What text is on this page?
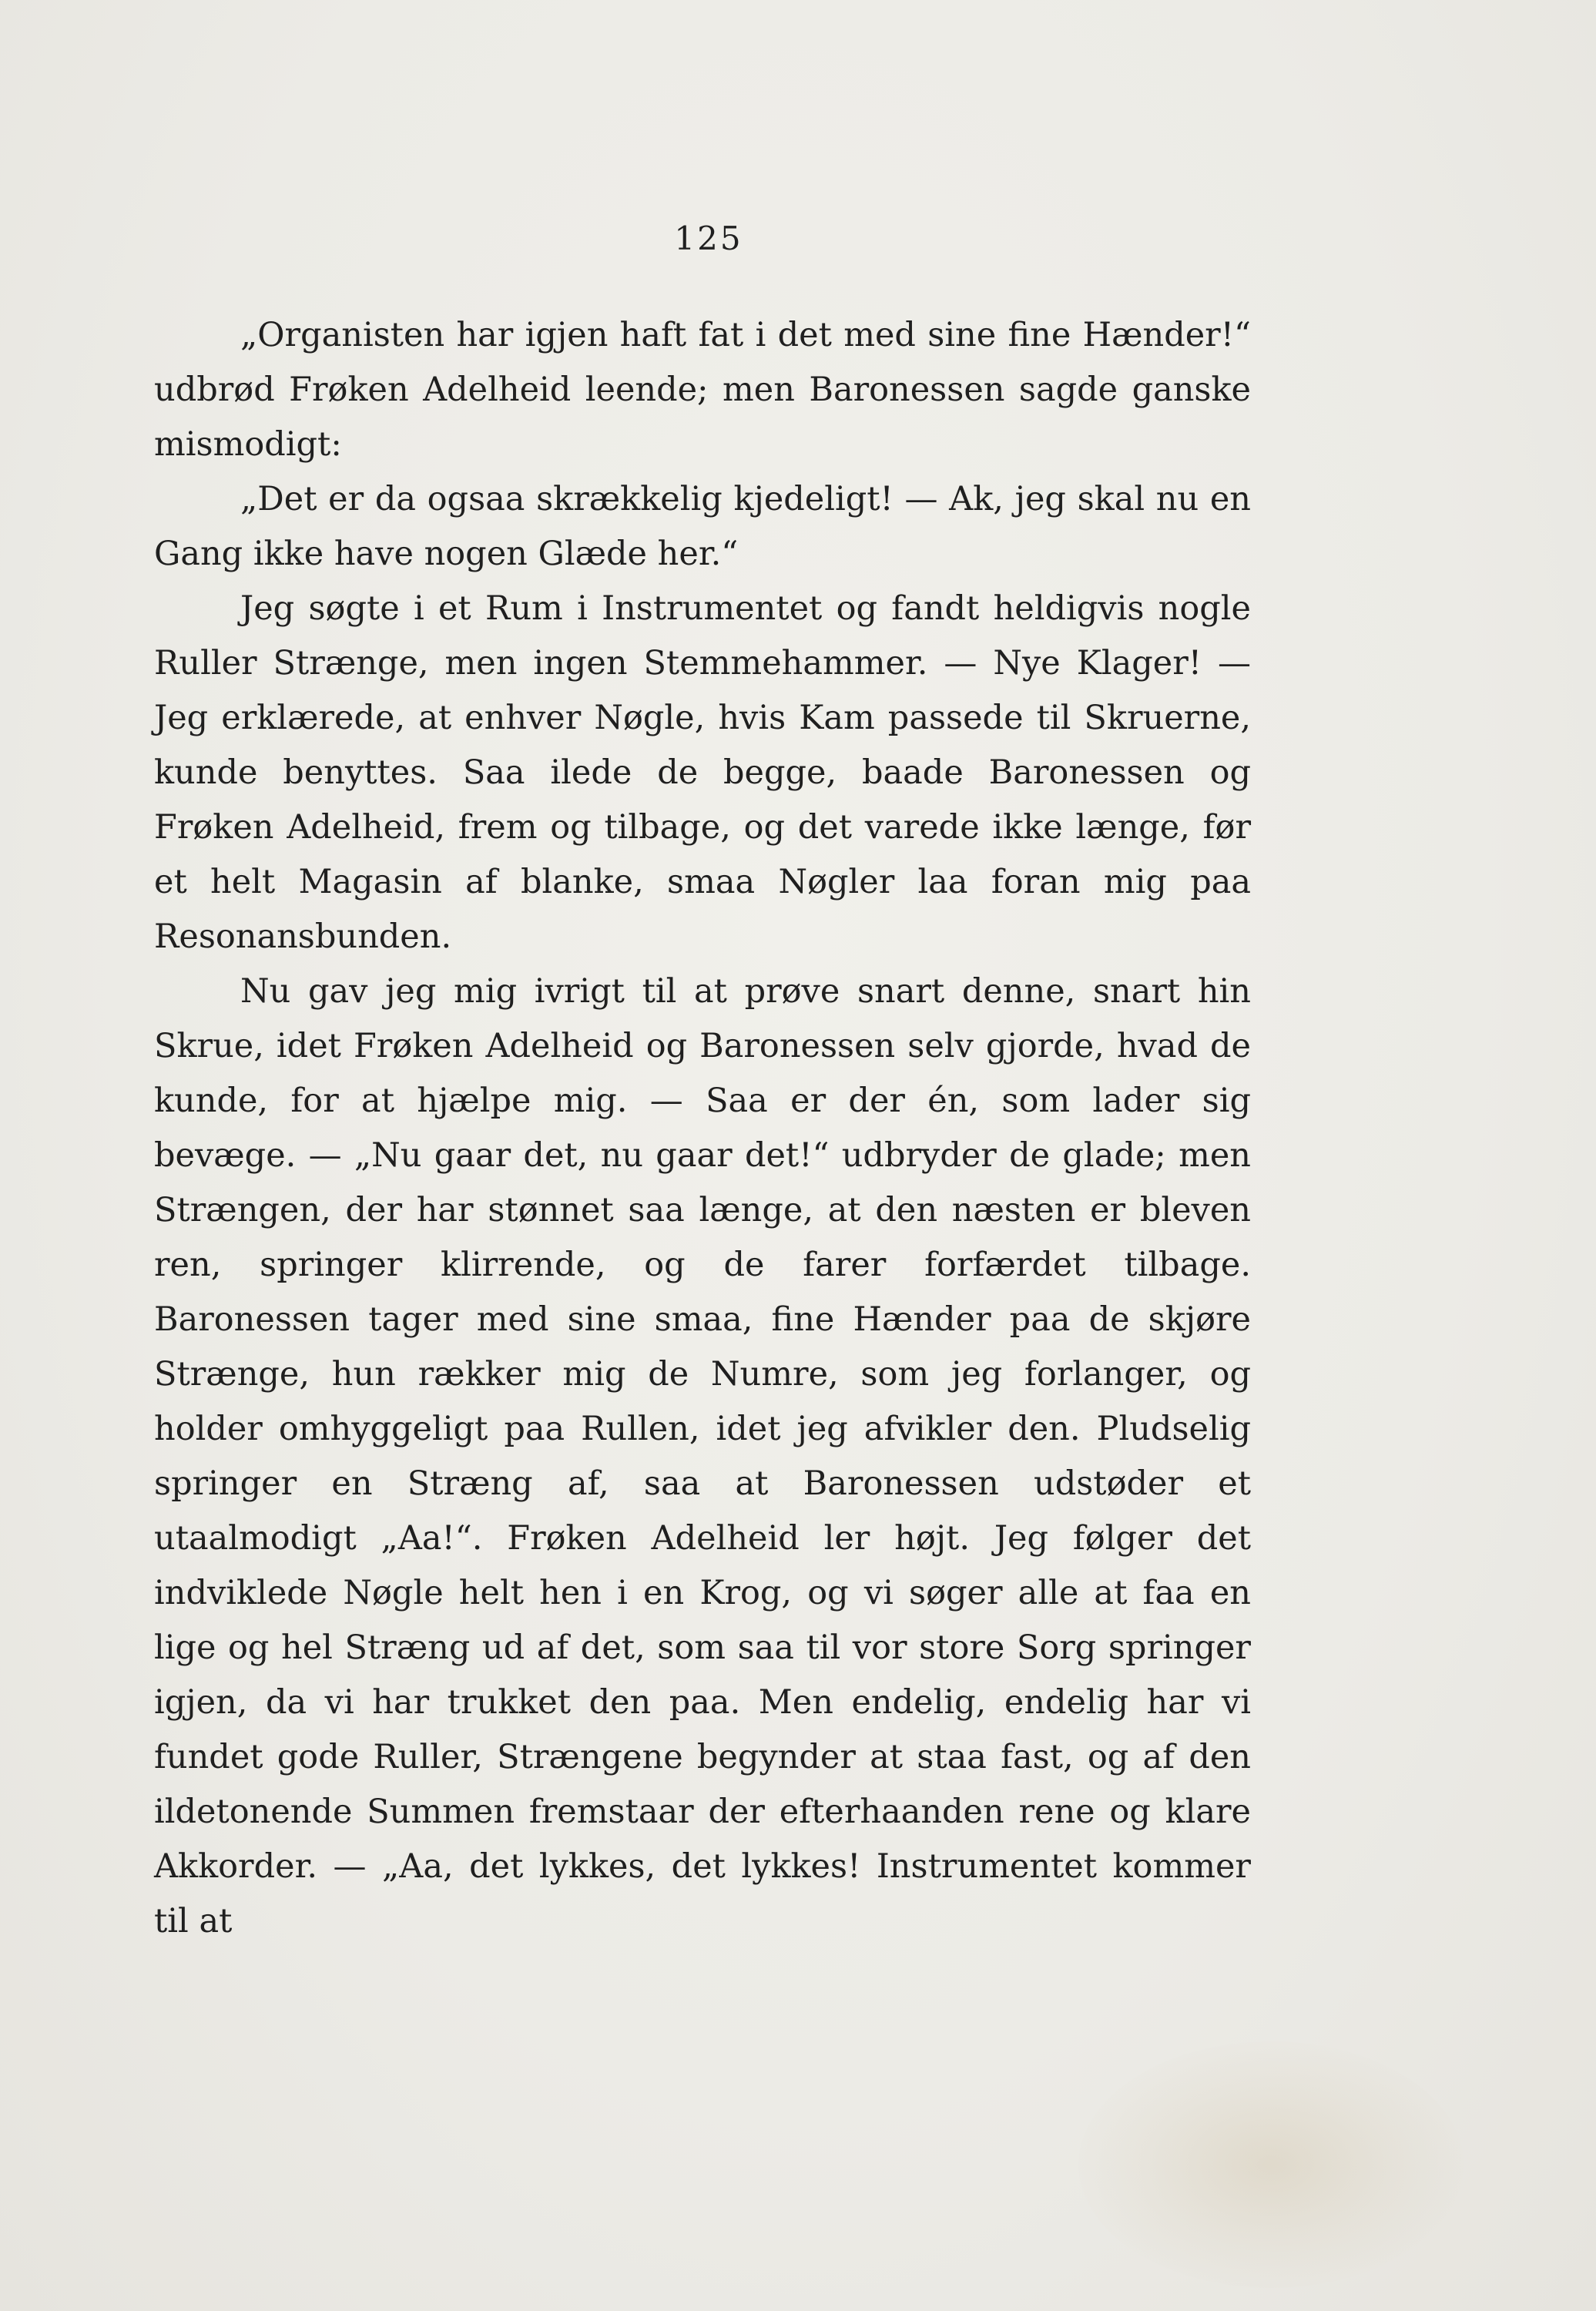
125

„Organisten har igjen haft fat i det med sine fine Hænder!“ udbrød Frøken Adelheid leende; men Baronessen sagde ganske mismodigt:

„Det er da ogsaa skrækkelig kjedeligt! — Ak, jeg skal nu en Gang ikke have nogen Glæde her.“

Jeg søgte i et Rum i Instrumentet og fandt heldigvis nogle Ruller Strænge, men ingen Stemmehammer. — Nye Klager! — Jeg erklærede, at enhver Nøgle, hvis Kam passede til Skruerne, kunde benyttes. Saa ilede de begge, baade Baronessen og Frøken Adelheid, frem og tilbage, og det varede ikke længe, før et helt Magasin af blanke, smaa Nøgler laa foran mig paa Resonansbunden.

Nu gav jeg mig ivrigt til at prøve snart denne, snart hin Skrue, idet Frøken Adelheid og Baronessen selv gjorde, hvad de kunde, for at hjælpe mig. — Saa er der én, som lader sig bevæge. — „Nu gaar det, nu gaar det!“ udbryder de glade; men Strængen, der har stønnet saa længe, at den næsten er bleven ren, springer klirrende, og de farer forfærdet tilbage. Baronessen tager med sine smaa, fine Hænder paa de skjøre Strænge, hun rækker mig de Numre, som jeg forlanger, og holder omhyggeligt paa Rullen, idet jeg afvikler den. Pludselig springer en Stræng af, saa at Baronessen udstøder et utaalmodigt „Aa!“. Frøken Adelheid ler højt. Jeg følger det indviklede Nøgle helt hen i en Krog, og vi søger alle at faa en lige og hel Stræng ud af det, som saa til vor store Sorg springer igjen, da vi har trukket den paa. Men endelig, endelig har vi fundet gode Ruller, Strængene begynder at staa fast, og af den ildetonende Summen fremstaar der efterhaanden rene og klare Akkorder. — „Aa, det lykkes, det lykkes! Instrumentet kommer til at
